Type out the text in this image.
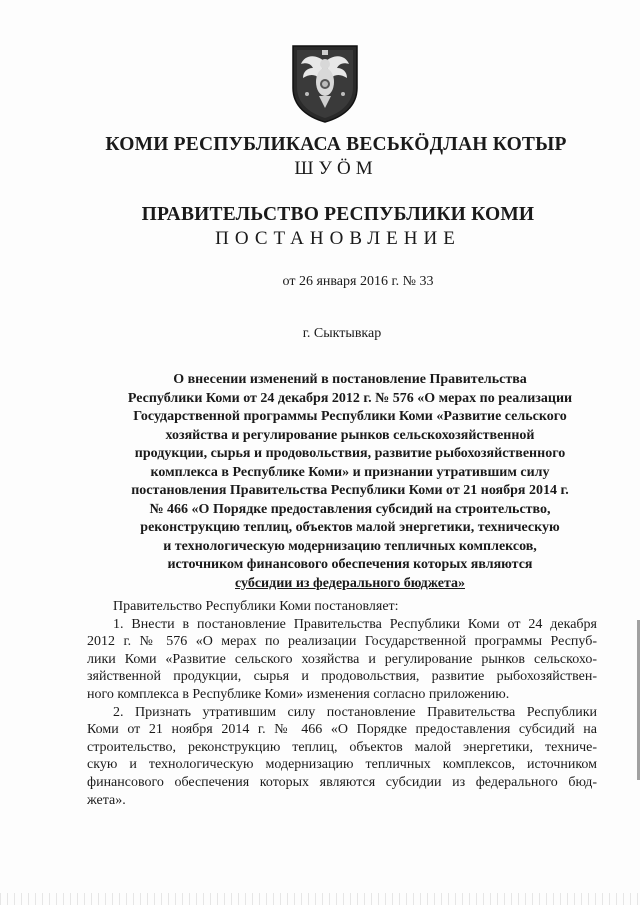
КОМИ РЕСПУБЛИКАСА ВЕСЬКӦДЛАН КОТЫР
ШУӦМ
ПРАВИТЕЛЬСТВО РЕСПУБЛИКИ КОМИ
ПОСТАНОВЛЕНИЕ
от 26 января 2016 г. № 33
г. Сыктывкар
О внесении изменений в постановление Правительства
Республики Коми от 24 декабря 2012 г. № 576 «О мерах по реализации
Государственной программы Республики Коми «Развитие сельского
хозяйства и регулирование рынков сельскохозяйственной
продукции, сырья и продовольствия, развитие рыбохозяйственного
комплекса в Республике Коми» и признании утратившим силу
постановления Правительства Республики Коми от 21 ноября 2014 г.
№ 466 «О Порядке предоставления субсидий на строительство,
реконструкцию теплиц, объектов малой энергетики, техническую
и технологическую модернизацию тепличных комплексов,
источником финансового обеспечения которых являются
субсидии из федерального бюджета»
Правительство Республики Коми постановляет:
1. Внести в постановление Правительства Республики Коми от 24 декабря
2012 г. № 576 «О мерах по реализации Государственной программы Респуб-
лики Коми «Развитие сельского хозяйства и регулирование рынков сельскохо-
зяйственной продукции, сырья и продовольствия, развитие рыбохозяйствен-
ного комплекса в Республике Коми» изменения согласно приложению.
2. Признать утратившим силу постановление Правительства Республики
Коми от 21 ноября 2014 г. № 466 «О Порядке предоставления субсидий на
строительство, реконструкцию теплиц, объектов малой энергетики, техниче-
скую и технологическую модернизацию тепличных комплексов, источником
финансового обеспечения которых являются субсидии из федерального бюд-
жета».
